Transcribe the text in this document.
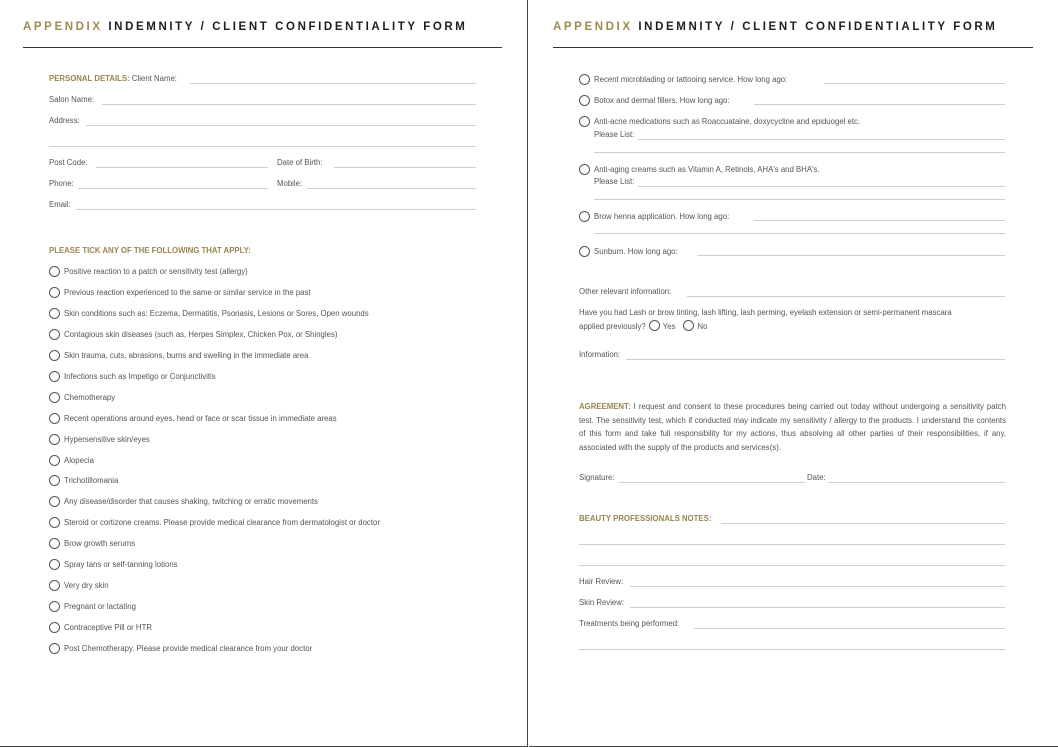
APPENDIX INDEMNITY / CLIENT CONFIDENTIALITY FORM
PERSONAL DETAILS: Client Name:
Salon Name:
Address:
Post Code:	Date of Birth:
Phone:	Mobile:
Email:
PLEASE TICK ANY OF THE FOLLOWING THAT APPLY:
Positive reaction to a patch or sensitivity test (allergy)
Previous reaction experienced to the same or similar service in the past
Skin conditions such as: Eczema, Dermatitis, Psoriasis, Lesions or Sores, Open wounds
Contagious skin diseases (such as, Herpes Simplex, Chicken Pox, or Shingles)
Skin trauma, cuts, abrasions, burns and swelling in the immediate area
Infections such as Impetigo or Conjunctivitis
Chemotherapy
Recent operations around eyes, head or face or scar tissue in immediate areas
Hypersensitive skin/eyes
Alopecia
Trichotillomania
Any disease/disorder that causes shaking, twitching or erratic movements
Steroid or cortizone creams. Please provide medical clearance from dermatologist or doctor
Brow growth serums
Spray tans or self-tanning lotions
Very dry skin
Pregnant or lactating
Contraceptive Pill or HTR
Post Chemotherapy. Please provide medical clearance from your doctor
APPENDIX INDEMNITY / CLIENT CONFIDENTIALITY FORM
Recent microblading or tattooing service. How long ago:
Botox and dermal fillers. How long ago:
Anti-acne medications such as Roaccuataine, doxycycline and epiduogel etc.
Please List:
Anti-aging creams such as Vitamin A, Retinols, AHA's and BHA's.
Please List:
Brow henna application. How long ago:
Sunburn. How long ago:
Other relevant information:
Have you had Lash or brow tinting, lash lifting, lash perming, eyelash extension or semi-permanent mascara
applied previously? Yes	No
Information:
AGREEMENT: I request and consent to these procedures being carried out today without undergoing a sensitivity patch test. The sensitivity test, which if conducted may indicate my sensitivity / allergy to the products. I understand the contents of this form and take full responsibility for my actions, thus absolving all other parties of their responsibilities, if any, associated with the supply of the products and services(s).
Signature:	Date:
BEAUTY PROFESSIONALS NOTES:
Hair Review:
Skin Review:
Treatments being performed:
